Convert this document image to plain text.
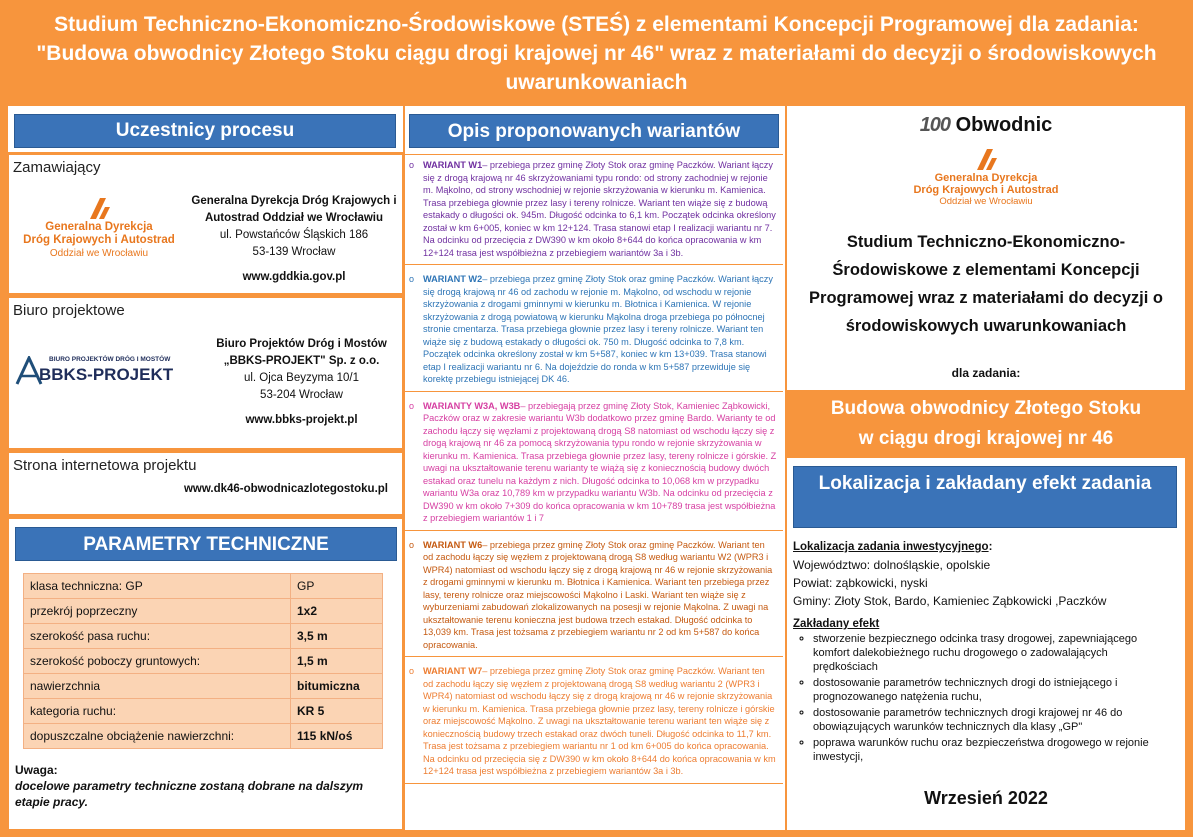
Studium Techniczno-Ekonomiczno-Środowiskowe (STEŚ) z elementami Koncepcji Programowej dla zadania:
"Budowa obwodnicy Złotego Stoku ciągu drogi krajowej nr 46" wraz z materiałami do decyzji o środowiskowych
uwarunkowaniach
Uczestnicy procesu
Zamawiający
Generalna Dyrekcja
Dróg Krajowych i Autostrad
Oddział we Wrocławiu
Generalna Dyrekcja Dróg Krajowych i
Autostrad Oddział we Wrocławiu
ul. Powstańców Śląskich 186
53-139 Wrocław
www.gddkia.gov.pl
Biuro projektowe
BIURO PROJEKTÓW DRÓG I MOSTÓW
BBKS-PROJEKT
Biuro Projektów Dróg i Mostów
„BBKS-PROJEKT" Sp. z o.o.
ul. Ojca Beyzyma 10/1
53-204 Wrocław
www.bbks-projekt.pl
Strona internetowa projektu
www.dk46-obwodnicazlotegostoku.pl
PARAMETRY TECHNICZNE
klasa techniczna: GP	GP
przekrój poprzeczny	1x2
szerokość pasa ruchu:	3,5 m
szerokość poboczy gruntowych:	1,5 m
nawierzchnia	bitumiczna
kategoria ruchu:	KR 5
dopuszczalne obciążenie nawierzchni:	115 kN/oś
Uwaga:
docelowe parametry techniczne zostaną dobrane na dalszym etapie pracy.
Opis proponowanych wariantów
o WARIANT W1– przebiega przez gminę Złoty Stok oraz gminę Paczków. Wariant łączy się z drogą krajową nr 46 skrzyżowaniami typu rondo: od strony zachodniej w rejonie m. Mąkolno, od strony wschodniej w rejonie skrzyżowania w kierunku m. Kamienica. Trasa przebiega głownie przez lasy i tereny rolnicze. Wariant ten wiąże się z budową estakady o długości ok. 945m. Długość odcinka to 6,1 km. Początek odcinka określony został w km 6+005, koniec w km 12+124. Trasa stanowi etap I realizacji wariantu nr 7. Na odcinku od przecięcia z DW390 w km około 8+644 do końca opracowania w km 12+124 trasa jest współbieżna z przebiegiem wariantów 3a i 3b.
o WARIANT W2– przebiega przez gminę Złoty Stok oraz gminę Paczków. Wariant łączy się drogą krajową nr 46 od zachodu w rejonie m. Mąkolno, od wschodu w rejonie skrzyżowania z drogami gminnymi w kierunku m. Błotnica i Kamienica. W rejonie skrzyżowania z drogą powiatową w kierunku Mąkolna droga przebiega po północnej stronie cmentarza. Trasa przebiega głownie przez lasy i tereny rolnicze. Wariant ten wiąże się z budową estakady o długości ok. 750 m. Długość odcinka to 7,8 km. Początek odcinka określony został w km 5+587, koniec w km 13+039. Trasa stanowi etap I realizacji wariantu nr 6. Na dojeździe do ronda w km 5+587 przewiduje się korektę przebiegu istniejącej DK 46.
o WARIANTY W3A, W3B– przebiegają przez gminę Złoty Stok, Kamieniec Ząbkowicki, Paczków oraz w zakresie wariantu W3b dodatkowo przez gminę Bardo. Warianty te od zachodu łączy się węzłami z projektowaną drogą S8 natomiast od wschodu łączy się z drogą krajową nr 46 za pomocą skrzyżowania typu rondo w rejonie skrzyżowania w kierunku m. Kamienica. Trasa przebiega głownie przez lasy, tereny rolnicze i górskie. Z uwagi na ukształtowanie terenu warianty te wiążą się z koniecznością budowy dwóch estakad oraz tunelu na każdym z nich. Długość odcinka to 10,068 km w przypadku wariantu W3a oraz 10,789 km w przypadku wariantu W3b. Na odcinku od przecięcia z DW390 w km około 7+309 do końca opracowania w km 10+789 trasa jest współbieżna z przebiegiem wariantów 1 i 7
o WARIANT W6– przebiega przez gminę Złoty Stok oraz gminę Paczków. Wariant ten od zachodu łączy się węzłem z projektowaną drogą S8 według wariantu W2 (WPR3 i WPR4) natomiast od wschodu łączy się z drogą krajową nr 46 w rejonie skrzyżowania z drogami gminnymi w kierunku m. Błotnica i Kamienica. Wariant ten przebiega przez lasy, tereny rolnicze oraz miejscowości Mąkolno i Laski. Wariant ten wiąże się z wyburzeniami zabudowań zlokalizowanych na posesji w rejonie Mąkolna. Z uwagi na ukształtowanie terenu konieczna jest budowa trzech estakad. Długość odcinka to 13,039 km. Trasa jest tożsama z przebiegiem wariantu nr 2 od km 5+587 do końca opracowania.
o WARIANT W7– przebiega przez gminę Złoty Stok oraz gminę Paczków. Wariant ten od zachodu łączy się węzłem z projektowaną drogą S8 według wariantu 2 (WPR3 i WPR4) natomiast od wschodu łączy się z drogą krajową nr 46 w rejonie skrzyżowania w kierunku m. Kamienica. Trasa przebiega głownie przez lasy, tereny rolnicze i górskie oraz miejscowość Mąkolno. Z uwagi na ukształtowanie terenu wariant ten wiąże się z koniecznością budowy trzech estakad oraz dwóch tuneli. Długość odcinka to 11,7 km. Trasa jest tożsama z przebiegiem wariantu nr 1 od km 6+005 do końca opracowania. Na odcinku od przecięcia się z DW390 w km około 8+644 do końca opracowania w km 12+124 trasa jest współbieżna z przebiegiem wariantów 3a i 3b.
100 Obwodnic
Generalna Dyrekcja
Dróg Krajowych i Autostrad
Oddział we Wrocławiu
Studium Techniczno-Ekonomiczno-Środowiskowe z elementami Koncepcji Programowej wraz z materiałami do decyzji o środowiskowych uwarunkowaniach
dla zadania:
Budowa obwodnicy Złotego Stoku
w ciągu drogi krajowej nr 46
Lokalizacja i zakładany efekt zadania
Lokalizacja zadania inwestycyjnego:
Województwo: dolnośląskie, opolskie
Powiat: ząbkowicki, nyski
Gminy: Złoty Stok, Bardo, Kamieniec Ząbkowicki ,Paczków
Zakładany efekt
◦ stworzenie bezpiecznego odcinka trasy drogowej, zapewniającego komfort dalekobieżnego ruchu drogowego o zadowalających prędkościach
◦ dostosowanie parametrów technicznych drogi do istniejącego i prognozowanego natężenia ruchu,
◦ dostosowanie parametrów technicznych drogi krajowej nr 46 do obowiązujących warunków technicznych dla klasy „GP"
◦ poprawa warunków ruchu oraz bezpieczeństwa drogowego w rejonie inwestycji,
Wrzesień 2022
